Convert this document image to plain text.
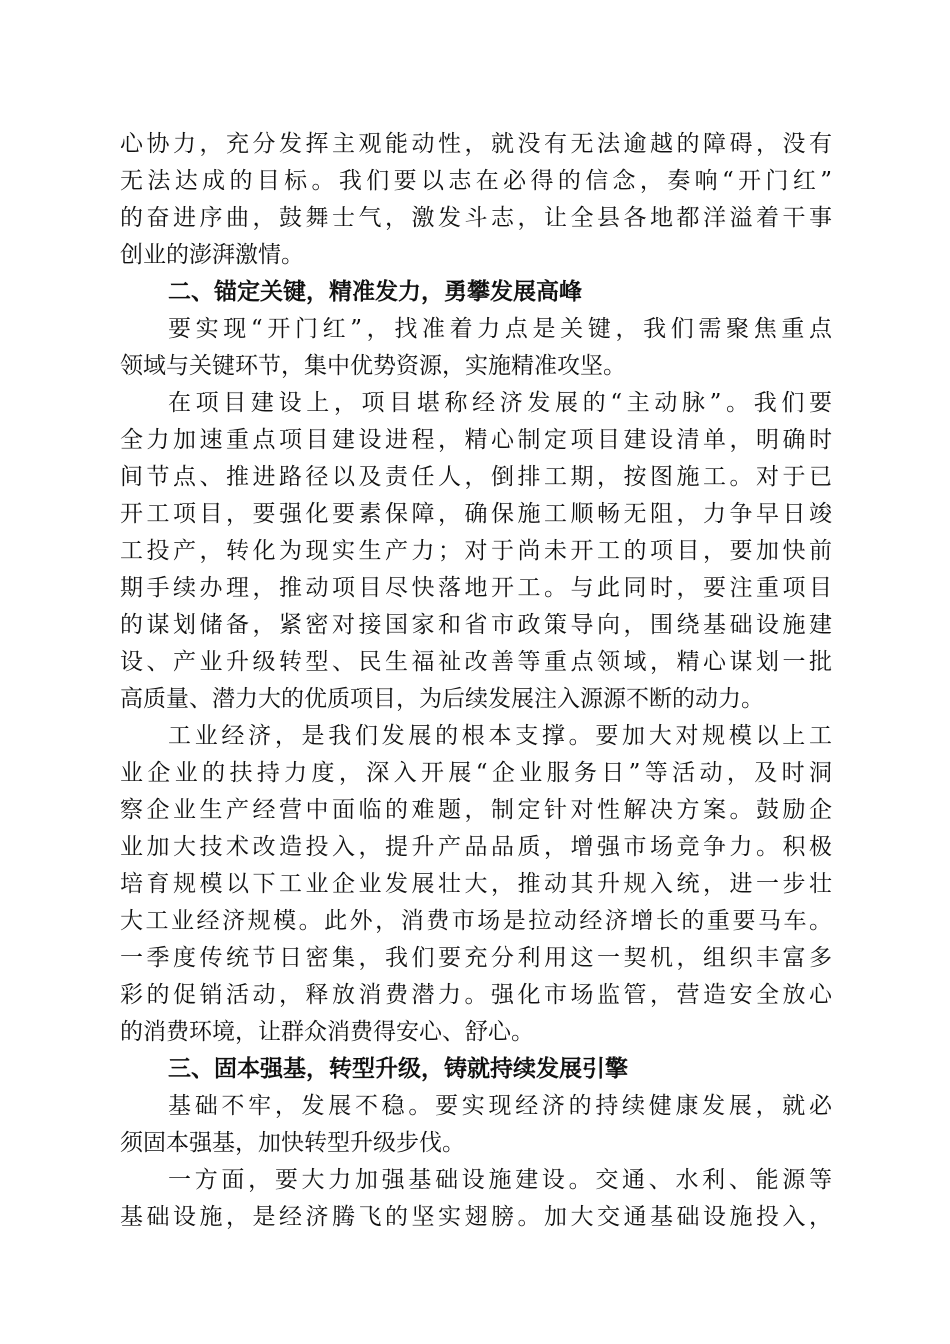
心协力，充分发挥主观能动性，就没有无法逾越的障碍，没有
无法达成的目标。我们要以志在必得的信念，奏响“开门红”
的奋进序曲，鼓舞士气，激发斗志，让全县各地都洋溢着干事
创业的澎湃激情。
二、锚定关键，精准发力，勇攀发展高峰
要实现“开门红”，找准着力点是关键，我们需聚焦重点
领域与关键环节，集中优势资源，实施精准攻坚。
在项目建设上，项目堪称经济发展的“主动脉”。我们要
全力加速重点项目建设进程，精心制定项目建设清单，明确时
间节点、推进路径以及责任人，倒排工期，按图施工。对于已
开工项目，要强化要素保障，确保施工顺畅无阻，力争早日竣
工投产，转化为现实生产力；对于尚未开工的项目，要加快前
期手续办理，推动项目尽快落地开工。与此同时，要注重项目
的谋划储备，紧密对接国家和省市政策导向，围绕基础设施建
设、产业升级转型、民生福祉改善等重点领域，精心谋划一批
高质量、潜力大的优质项目，为后续发展注入源源不断的动力。
工业经济，是我们发展的根本支撑。要加大对规模以上工
业企业的扶持力度，深入开展“企业服务日”等活动，及时洞
察企业生产经营中面临的难题，制定针对性解决方案。鼓励企
业加大技术改造投入，提升产品品质，增强市场竞争力。积极
培育规模以下工业企业发展壮大，推动其升规入统，进一步壮
大工业经济规模。此外，消费市场是拉动经济增长的重要马车。
一季度传统节日密集，我们要充分利用这一契机，组织丰富多
彩的促销活动，释放消费潜力。强化市场监管，营造安全放心
的消费环境，让群众消费得安心、舒心。
三、固本强基，转型升级，铸就持续发展引擎
基础不牢，发展不稳。要实现经济的持续健康发展，就必
须固本强基，加快转型升级步伐。
一方面，要大力加强基础设施建设。交通、水利、能源等
基础设施，是经济腾飞的坚实翅膀。加大交通基础设施投入，
